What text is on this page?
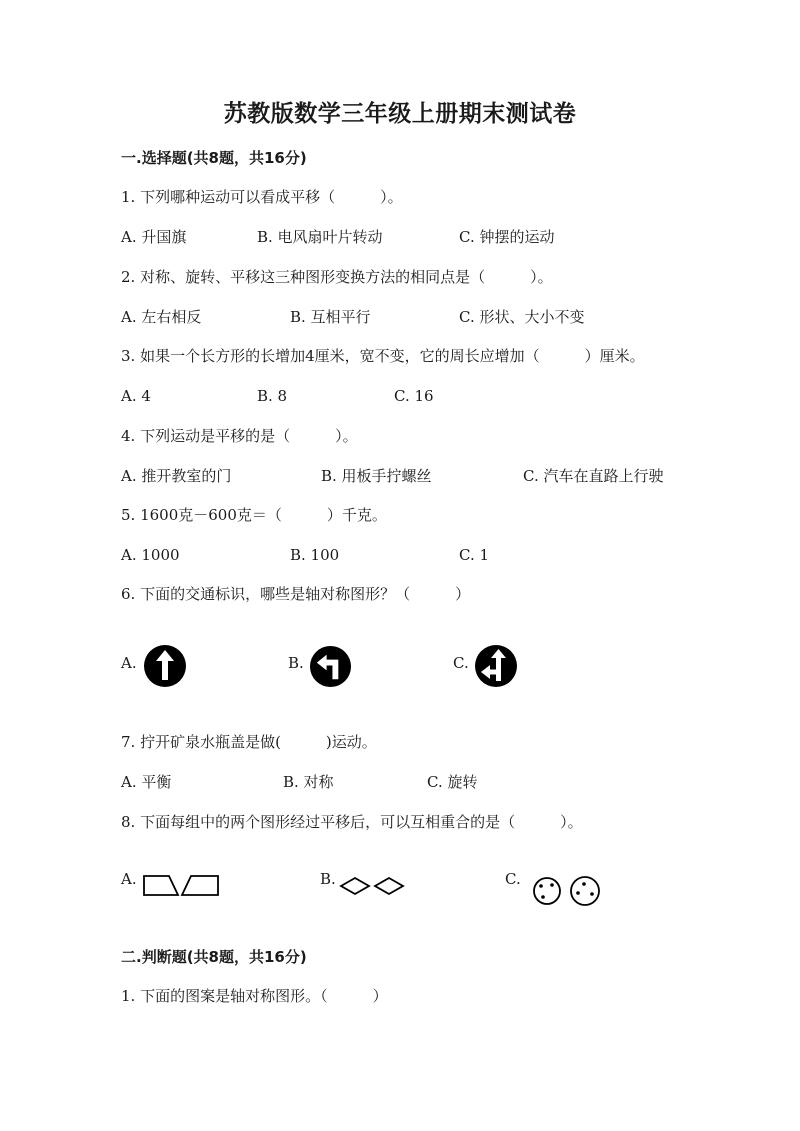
苏教版数学三年级上册期末测试卷
一.选择题(共8题，共16分)
1. 下列哪种运动可以看成平移（　　　）。
A. 升国旗	B. 电风扇叶片转动	C. 钟摆的运动
2. 对称、旋转、平移这三种图形变换方法的相同点是（　　　）。
A. 左右相反	B. 互相平行	C. 形状、大小不变
3. 如果一个长方形的长增加4厘米，宽不变，它的周长应增加（　　　）厘米。
A. 4	B. 8	C. 16
4. 下列运动是平移的是（　　　）。
A. 推开教室的门	B. 用板手拧螺丝	C. 汽车在直路上行驶
5. 1600克－600克＝（　　　）千克。
A. 1000	B. 100	C. 1
6. 下面的交通标识，哪些是轴对称图形？（　　　）
A.	B.	C.
7. 拧开矿泉水瓶盖是做(　　　)运动。
A. 平衡	B. 对称	C. 旋转
8. 下面每组中的两个图形经过平移后，可以互相重合的是（　　　）。
A.	B.	C.
二.判断题(共8题，共16分)
1. 下面的图案是轴对称图形。（　　　）
